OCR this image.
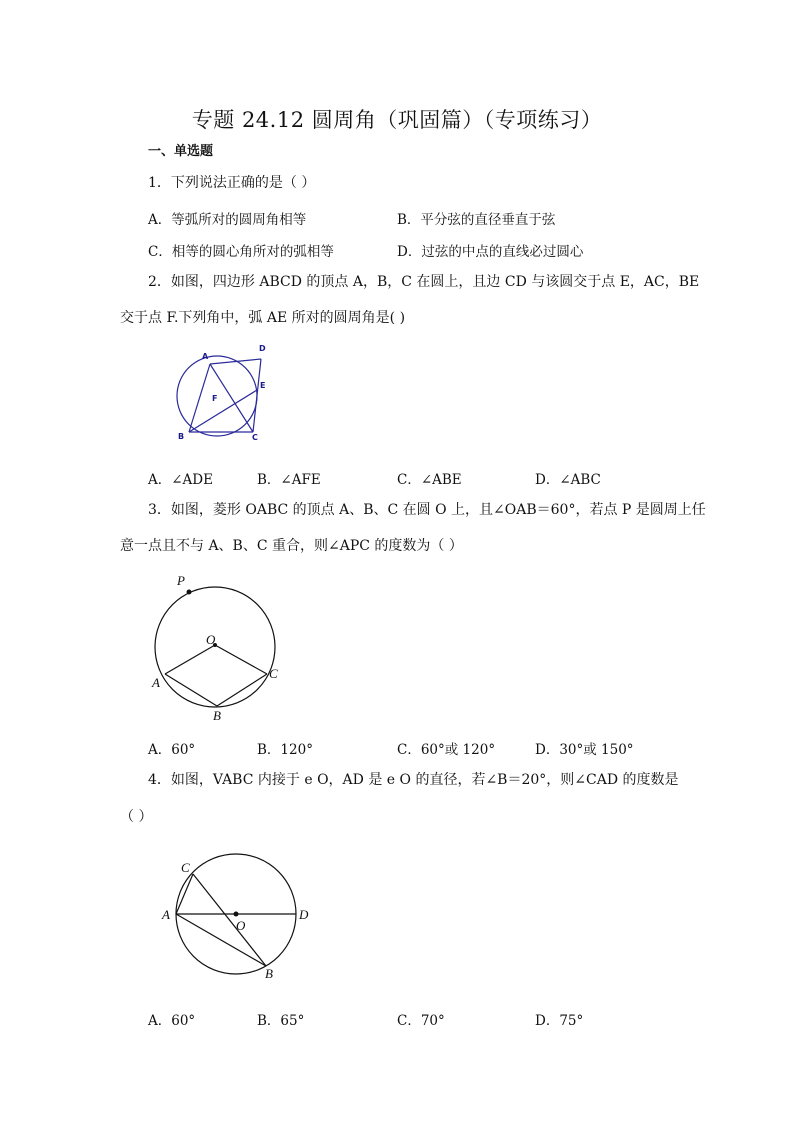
专题 24.12 圆周角（巩固篇）（专项练习）
一、单选题
1．下列说法正确的是（ ）
A．等弧所对的圆周角相等	B．平分弦的直径垂直于弦
C．相等的圆心角所对的弧相等	D．过弦的中点的直线必过圆心
2．如图，四边形 ABCD 的顶点 A，B，C 在圆上，且边 CD 与该圆交于点 E，AC，BE
交于点 F.下列角中，弧 AE 所对的圆周角是( )
A
D
E
F
B	C
A．∠ADE	B．∠AFE	C．∠ABE	D．∠ABC
3．如图，菱形 OABC 的顶点 A、B、C 在圆 O 上，且∠OAB＝60°，若点 P 是圆周上任
意一点且不与 A、B、C 重合，则∠APC 的度数为（ ）
P
O
A
C
B
A．60°	B．120°	C．60°或 120°	D．30°或 150°
4．如图，VABC 内接于 e O，AD 是 e O 的直径，若∠B＝20°，则∠CAD 的度数是
（ ）
C
A
O
D
B
A．60°	B．65°	C．70°	D．75°
